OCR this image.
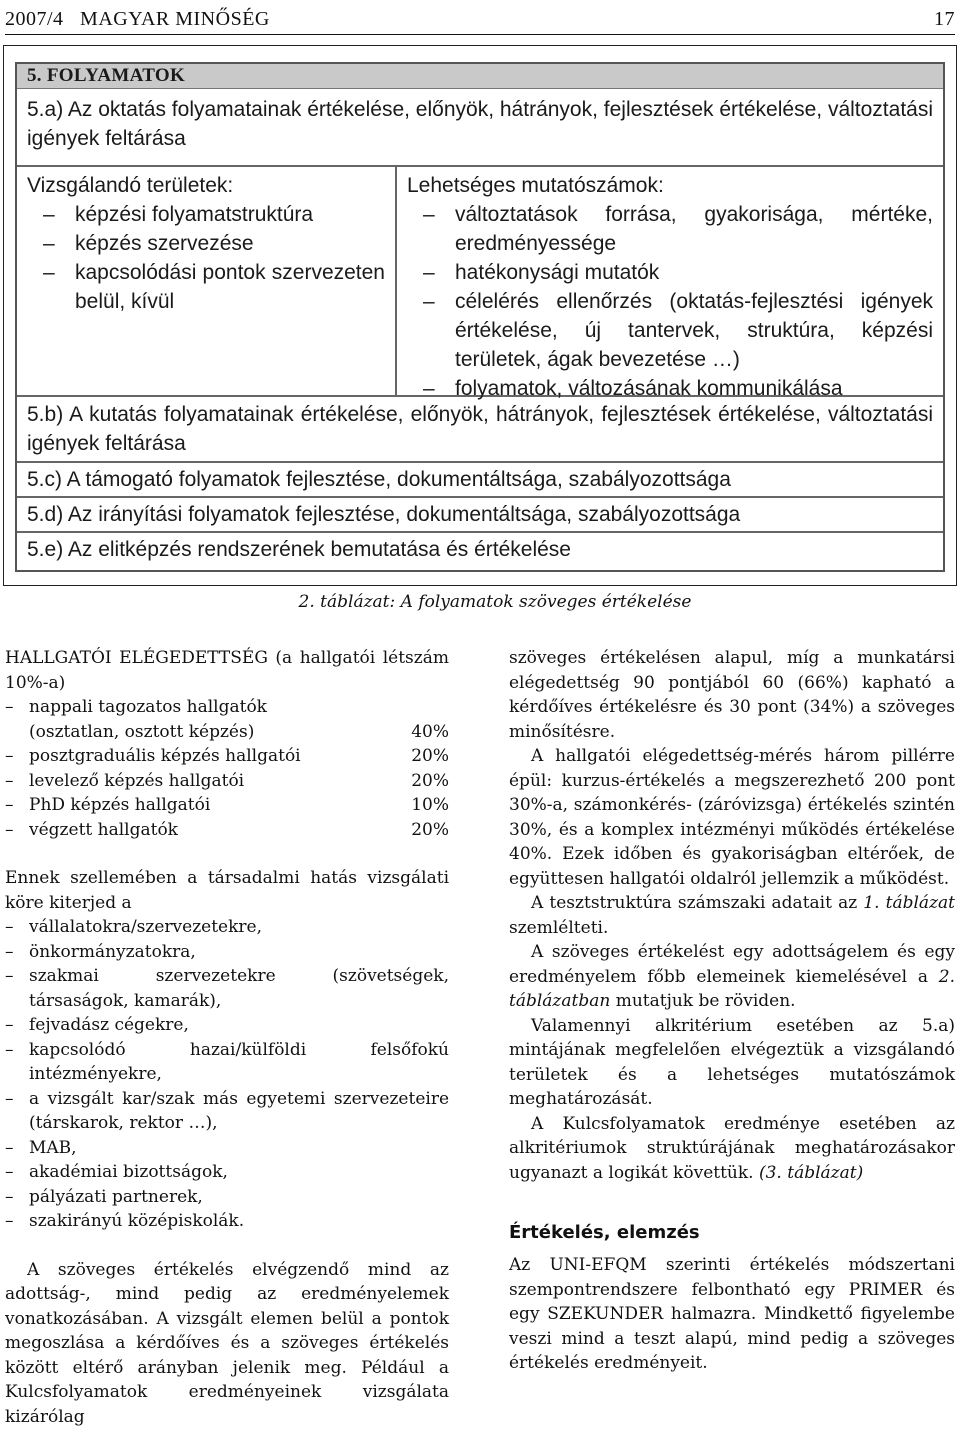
2007/4   MAGYAR MINŐSÉG	17
5. FOLYAMATOK
5.a) Az oktatás folyamatainak értékelése, előnyök, hátrányok, fejlesztések értékelése, változtatási igények feltárása
Vizsgálandó területek:
– képzési folyamatstruktúra
– képzés szervezése
– kapcsolódási pontok szervezeten belül, kívül
Lehetséges mutatószámok:
– változtatások forrása, gyakorisága, mértéke, eredményessége
– hatékonysági mutatók
– célelérés ellenőrzés (oktatás-fejlesztési igények értékelése, új tantervek, struktúra, képzési területek, ágak bevezetése …)
– folyamatok, változásának kommunikálása
5.b) A kutatás folyamatainak értékelése, előnyök, hátrányok, fejlesztések értékelése, változtatási igények feltárása
5.c) A támogató folyamatok fejlesztése, dokumentáltsága, szabályozottsága
5.d) Az irányítási folyamatok fejlesztése, dokumentáltsága, szabályozottsága
5.e) Az elitképzés rendszerének bemutatása és értékelése
2. táblázat: A folyamatok szöveges értékelése

HALLGATÓI ELÉGEDETTSÉG (a hallgatói létszám 10%-a)

– nappali tagozatos hallgatók
(osztatlan, osztott képzés)	40%
– posztgraduális képzés hallgatói	20%
– levelező képzés hallgatói	20%
– PhD képzés hallgatói	10%
– végzett hallgatók	20%

Ennek szellemében a társadalmi hatás vizsgálati köre kiterjed a

– vállalatokra/szervezetekre,
– önkormányzatokra,
– szakmai szervezetekre (szövetségek, társaságok, kamarák),
– fejvadász cégekre,
– kapcsolódó hazai/külföldi felsőfokú intézményekre,
– a vizsgált kar/szak más egyetemi szervezeteire (társkarok, rektor …),
– MAB,
– akadémiai bizottságok,
– pályázati partnerek,
– szakirányú középiskolák.

A szöveges értékelés elvégzendő mind az adottság-, mind pedig az eredményelemek vonatkozásában. A vizsgált elemen belül a pontok megoszlása a kérdőíves és a szöveges értékelés között eltérő arányban jelenik meg. Például a Kulcsfolyamatok eredményeinek vizsgálata kizárólag

szöveges értékelésen alapul, míg a munkatársi elégedettség 90 pontjából 60 (66%) kapható a kérdőíves értékelésre és 30 pont (34%) a szöveges minősítésre.

A hallgatói elégedettség-mérés három pillérre épül: kurzus-értékelés a megszerezhető 200 pont 30%-a, számonkérés- (záróvizsga) értékelés szintén 30%, és a komplex intézményi működés értékelése 40%. Ezek időben és gyakoriságban eltérőek, de együttesen hallgatói oldalról jellemzik a működést.

A tesztstruktúra számszaki adatait az 1. táblázat szemlélteti.

A szöveges értékelést egy adottságelem és egy eredményelem főbb elemeinek kiemelésével a 2. táblázatban mutatjuk be röviden.

Valamennyi alkritérium esetében az 5.a) mintájának megfelelően elvégeztük a vizsgálandó területek és a lehetséges mutatószámok meghatározását.

A Kulcsfolyamatok eredménye esetében az alkritériumok struktúrájának meghatározásakor ugyanazt a logikát követtük. (3. táblázat)

Értékelés, elemzés

Az UNI-EFQM szerinti értékelés módszertani szempontrendszere felbontható egy PRIMER és egy SZEKUNDER halmazra. Mindkettő figyelembe veszi mind a teszt alapú, mind pedig a szöveges értékelés eredményeit.
